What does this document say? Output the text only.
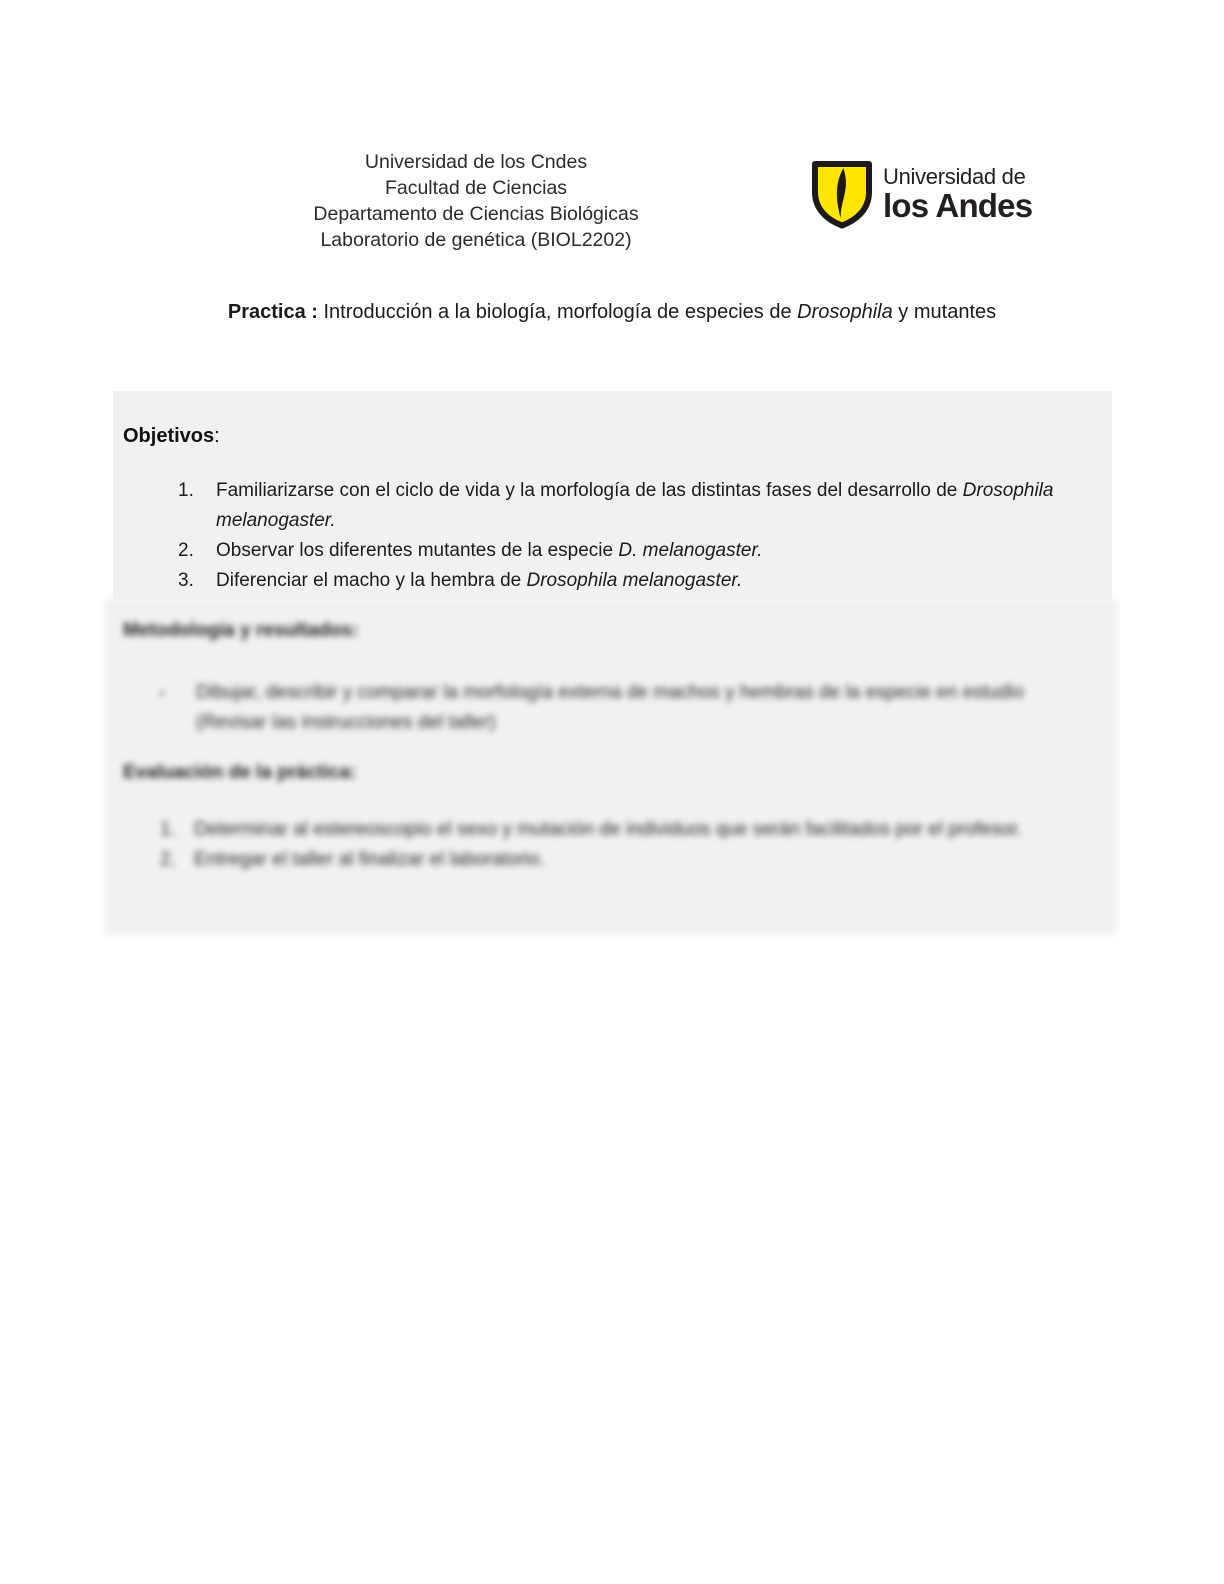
Universidad de los Cndes
Facultad de Ciencias
Departamento de Ciencias Biológicas
Laboratorio de genética (BIOL2202)
Universidad de
los Andes
Practica : Introducción a la biología, morfología de especies de Drosophila y mutantes
Objetivos:
1.	Familiarizarse con el ciclo de vida y la morfología de las distintas fases del desarrollo de Drosophila melanogaster.
2.	Observar los diferentes mutantes de la especie D. melanogaster.
3.	Diferenciar el macho y la hembra de Drosophila melanogaster.
Metodología y resultados:
▪	Dibujar, describir y comparar la morfología externa de machos y hembras de la especie en estudio (Revisar las instrucciones del taller)
Evaluación de la práctica:
1. Determinar al estereoscopio el sexo y mutación de individuos que serán facilitados por el profesor.
2. Entregar el taller al finalizar el laboratorio.
